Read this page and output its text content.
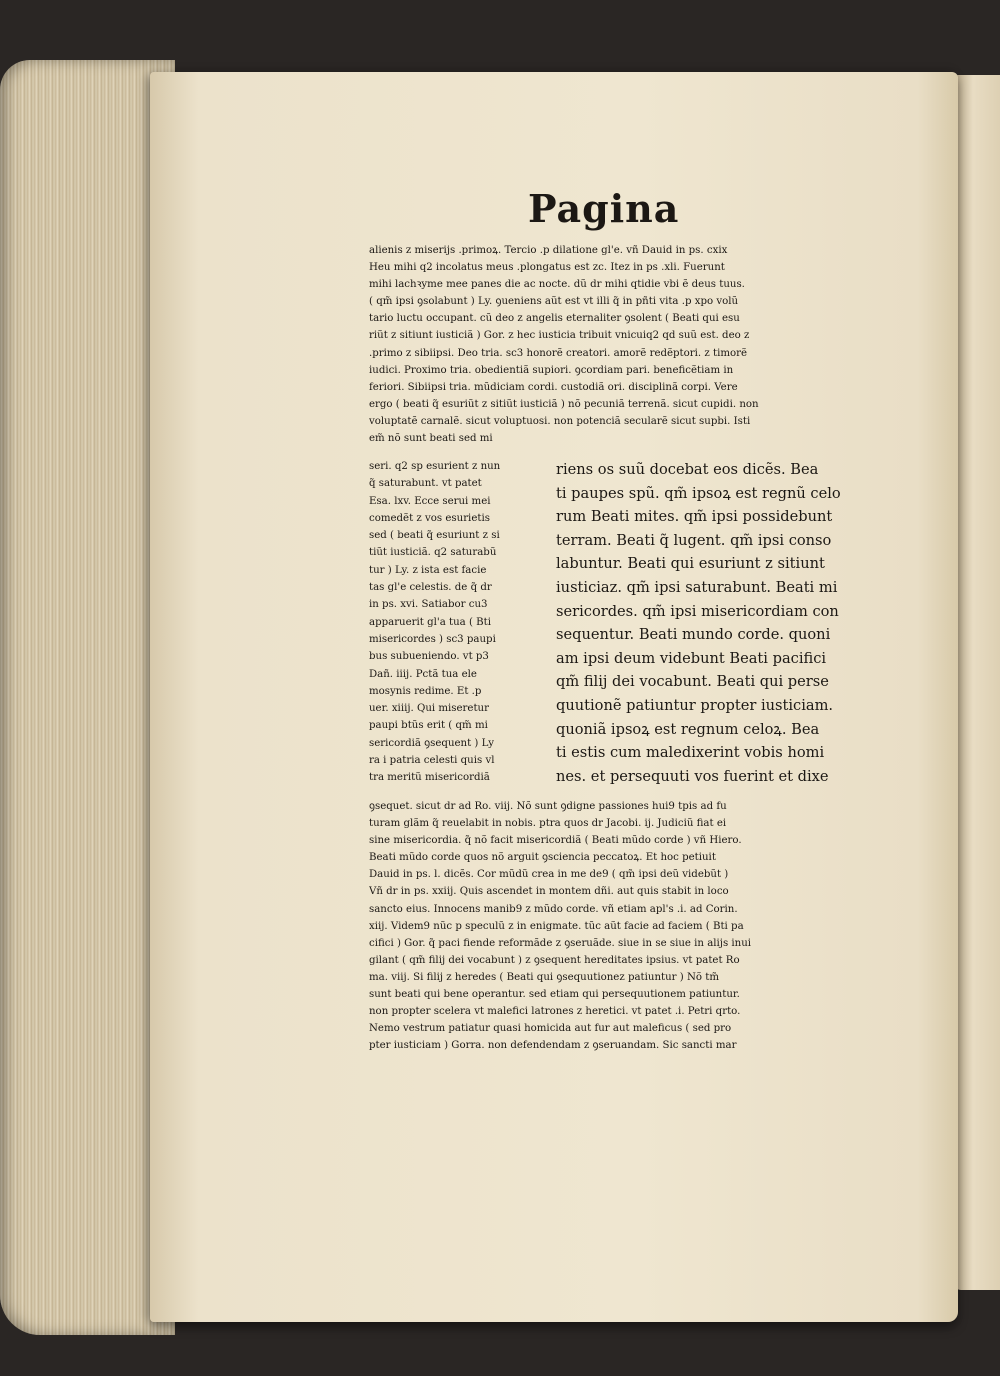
Pagina

alienis z miserijs .primoꝝ. Tercio .p dilatione gl'e. vñ Dauid in ps. cxix

Heu mihi q2 incolatus meus .plongatus est zc. Itez in ps .xli. Fuerunt

mihi lachꝛyme mee panes die ac nocte. dũ dr mihi qtidie vbi ẽ deus tuus.

( qm̃ ipsi ꝯsolabunt ) Ly. ꝯueniens aũt est vt illi q̃ in pñti vita .p xpo volũ

tario luctu occupant. cũ deo z angelis eternaliter ꝯsolent ( Beati qui esu

riũt z sitiunt iusticiã ) Gor. z hec iusticia tribuit vnicuiq2 qd suũ est. deo z

.primo z sibiipsi. Deo tria. sc3 honorẽ creatori. amorẽ redẽptori. z timorẽ

iudici. Proximo tria. obedientiã supiori. ꝯcordiam pari. beneficẽtiam in

feriori. Sibiipsi tria. mũdiciam cordi. custodiã ori. disciplinã corpi. Vere

ergo ( beati q̃ esuriũt z sitiũt iusticiã ) nõ pecuniã terrenã. sicut cupidi. non

voluptatẽ carnalẽ. sicut voluptuosi. non potenciã secularẽ sicut supbi. Isti

em̃ nõ sunt beati sed mi

seri. q2 sp esurient z nun

q̃ saturabunt. vt patet

Esa. lxv. Ecce serui mei

comedẽt z vos esurietis

sed ( beati q̃ esuriunt z si

tiũt iusticiã. q2 saturabũ

tur ) Ly. z ista est facie

tas gl'e celestis. de q̃ dr

in ps. xvi. Satiabor cu3

apparuerit gl'a tua ( Bti

misericordes ) sc3 paupi

bus subueniendo. vt p3

Dañ. iiij. Pctã tua ele

mosynis redime. Et .p

uer. xiiij. Qui miseretur

paupi btũs erit ( qm̃ mi

sericordiã ꝯsequent ) Ly

ra i patria celesti quis vl

tra meritũ misericordiã

riens os suũ docebat eos dicẽs. Bea

ti paupes spũ. qm̃ ipsoꝝ est regnũ celo

rum Beati mites. qm̃ ipsi possidebunt

terram. Beati q̃ lugent. qm̃ ipsi conso

labuntur. Beati qui esuriunt z sitiunt

iusticiaz. qm̃ ipsi saturabunt. Beati mi

sericordes. qm̃ ipsi misericordiam con

sequentur. Beati mundo corde. quoni

am ipsi deum videbunt Beati pacifici

qm̃ filij dei vocabunt. Beati qui perse

quutionẽ patiuntur propter iusticiam.

quoniã ipsoꝝ est regnum celoꝝ. Bea

ti estis cum maledixerint vobis homi

nes. et persequuti vos fuerint et dixe

ꝯsequet. sicut dr ad Ro. viij. Nõ sunt ꝯdigne passiones hui9 tpis ad fu

turam glãm q̃ reuelabit in nobis. ptra quos dr Jacobi. ij. Judiciũ fiat ei

sine misericordia. q̃ nõ facit misericordiã ( Beati mũdo corde ) vñ Hiero.

Beati mũdo corde quos nõ arguit ꝯsciencia peccatoꝝ. Et hoc petiuit

Dauid in ps. l. dicẽs. Cor mũdũ crea in me de9 ( qm̃ ipsi deũ videbũt )

Vñ dr in ps. xxiij. Quis ascendet in montem dñi. aut quis stabit in loco

sancto eius. Innocens manib9 z mũdo corde. vñ etiam apl's .i. ad Corin.

xiij. Videm9 nũc p speculũ z in enigmate. tũc aũt facie ad faciem ( Bti pa

cifici ) Gor. q̃ paci fiende reformãde z ꝯseruãde. siue in se siue in alijs inui

gilant ( qm̃ filij dei vocabunt ) z ꝯsequent hereditates ipsius. vt patet Ro

ma. viij. Si filij z heredes ( Beati qui ꝯsequutionez patiuntur ) Nõ tm̃

sunt beati qui bene operantur. sed etiam qui persequutionem patiuntur.

non propter scelera vt malefici latrones z heretici. vt patet .i. Petri qrto.

Nemo vestrum patiatur quasi homicida aut fur aut maleficus ( sed pro

pter iusticiam ) Gorra. non defendendam z ꝯseruandam. Sic sancti mar
